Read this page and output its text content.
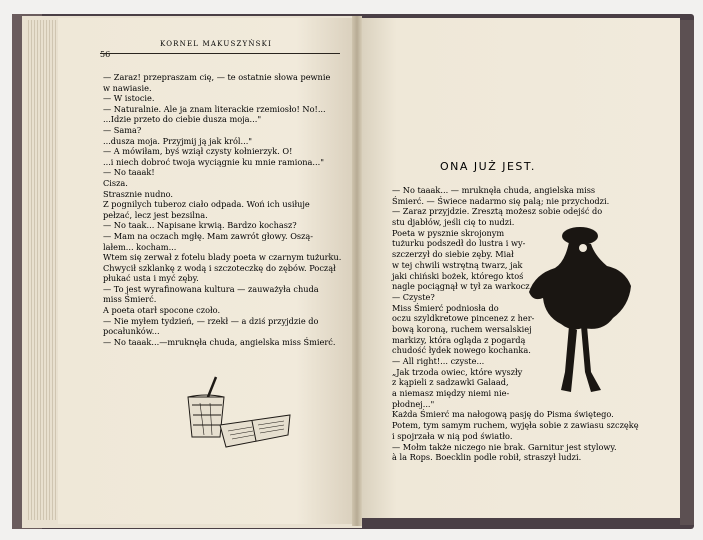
56
KORNEL MAKUSZYŃSKI
— Zaraz! przepraszam cię, — te ostatnie słowa pewnie
w nawiasie.
— W istocie.
— Naturalnie. Ale ja znam literackie rzemiosło! No!...
...Idzie przeto do ciebie dusza moja..."
— Sama?
...dusza moja. Przyjmij ją jak król..."
— A mówiłam, byś wziął czysty kołnierzyk. O!
...i niech dobroć twoja wyciągnie ku mnie ramiona..."
— No taaak!
Cisza.
Strasznie nudno.
Z pognilych tuberoz ciało odpada. Woń ich usiłuje
pełzać, lecz jest bezsilna.
— No taak... Napisane krwią. Bardzo kochasz?
— Mam na oczach mgłę. Mam zawrót głowy. Oszą-
lałem... kocham...
Wtem się zerwał z fotelu blady poeta w czarnym tużurku.
Chwycił szklankę z wodą i szczoteczkę do zębów. Począł
płukać usta i myć zęby.
— To jest wyrafinowana kultura — zauważyła chuda
miss Śmierć.
A poeta otarł spocone czoło.
— Nie myłem tydzień, — rzekł — a dziś przyjdzie do
pocałunków...
— No taaak...—mruknęła chuda, angielska miss Śmierć.
ONA JUŻ JEST.
— No taaak... — mruknęła chuda, angielska miss
Śmierć. — Świece nadarmo się palą; nie przychodzi.
— Zaraz przyjdzie. Zresztą możesz sobie odejść do
stu djabłów, jeśli cię to nudzi.
Poeta w pysznie skrojonym
tużurku podszedł do lustra i wy-
szczerzył do siebie zęby. Miał
w tej chwili wstrętną twarz, jak
jaki chiński bożek, którego ktoś
nagle pociągnął w tył za warkocz.
— Czyste?
Miss Śmierć podniosła do
oczu szyldkretowe pincenez z her-
bową koroną, ruchem wersalskiej
markizy, która ogląda z pogardą
chudość łydek nowego kochanka.
— All right!... czyste...
„Jak trzoda owiec, które wyszły
z kąpieli z sadzawki Galaad,
a niemasz między niemi nie-
płodnej..."
Każda Śmierć ma nałogową pasję do Pisma świętego.
Potem, tym samym ruchem, wyjęła sobie z zawiasu szczękę
i spojrzała w nią pod światło.
— Mołm także niczego nie brak. Garnitur jest stylowy.
à la Rops. Boecklin podle robił, straszył ludzi.
